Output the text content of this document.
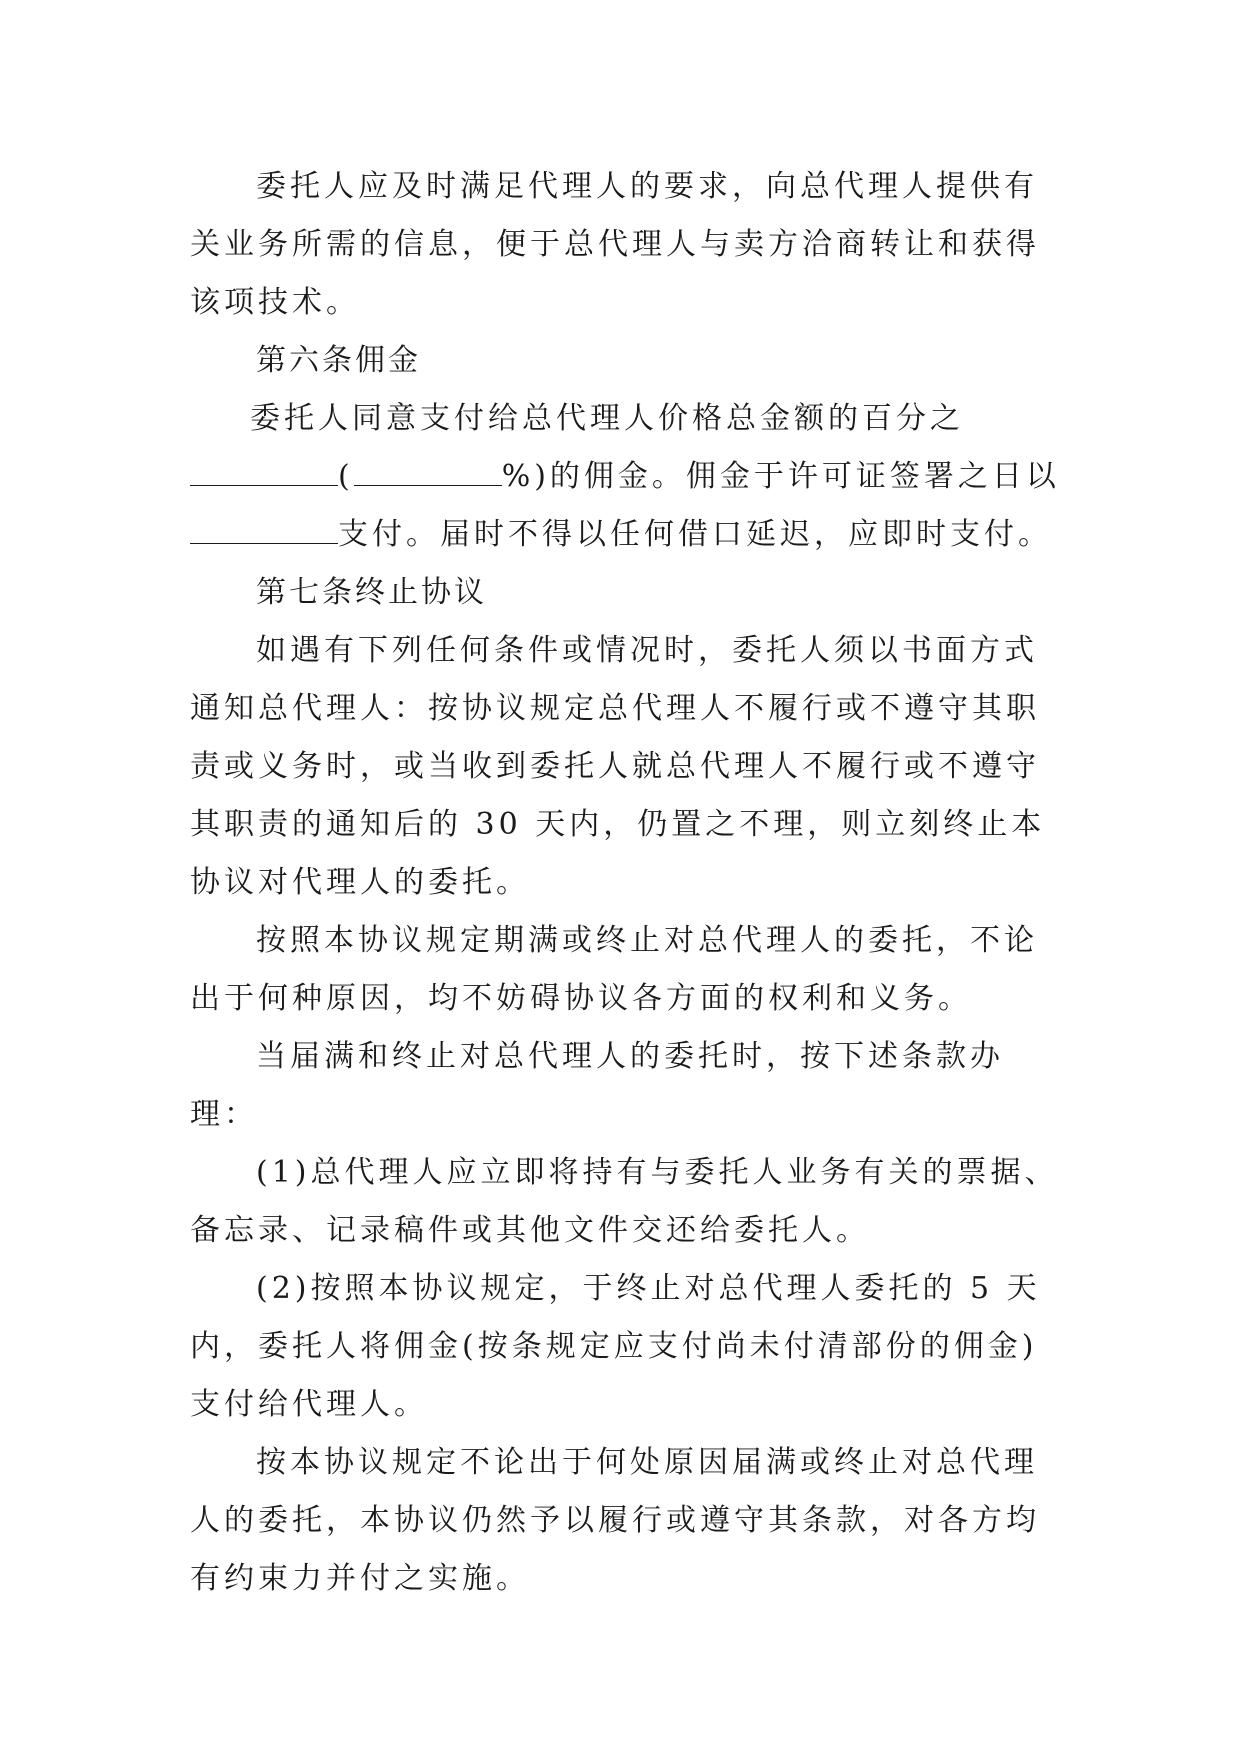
委托人应及时满足代理人的要求，向总代理人提供有关业务所需的信息，便于总代理人与卖方洽商转让和获得该项技术。

第六条佣金

委托人同意支付给总代理人价格总金额的百分之
(	%)的佣金。佣金于许可证签署之日以
支付。届时不得以任何借口延迟，应即时支付。

第七条终止协议

如遇有下列任何条件或情况时，委托人须以书面方式通知总代理人：按协议规定总代理人不履行或不遵守其职责或义务时，或当收到委托人就总代理人不履行或不遵守其职责的通知后的 30 天内，仍置之不理，则立刻终止本协议对代理人的委托。

按照本协议规定期满或终止对总代理人的委托，不论出于何种原因，均不妨碍协议各方面的权利和义务。

当届满和终止对总代理人的委托时，按下述条款办理：

(1)总代理人应立即将持有与委托人业务有关的票据、备忘录、记录稿件或其他文件交还给委托人。

(2)按照本协议规定，于终止对总代理人委托的 5 天内，委托人将佣金(按条规定应支付尚未付清部份的佣金)支付给代理人。

按本协议规定不论出于何处原因届满或终止对总代理人的委托，本协议仍然予以履行或遵守其条款，对各方均有约束力并付之实施。
